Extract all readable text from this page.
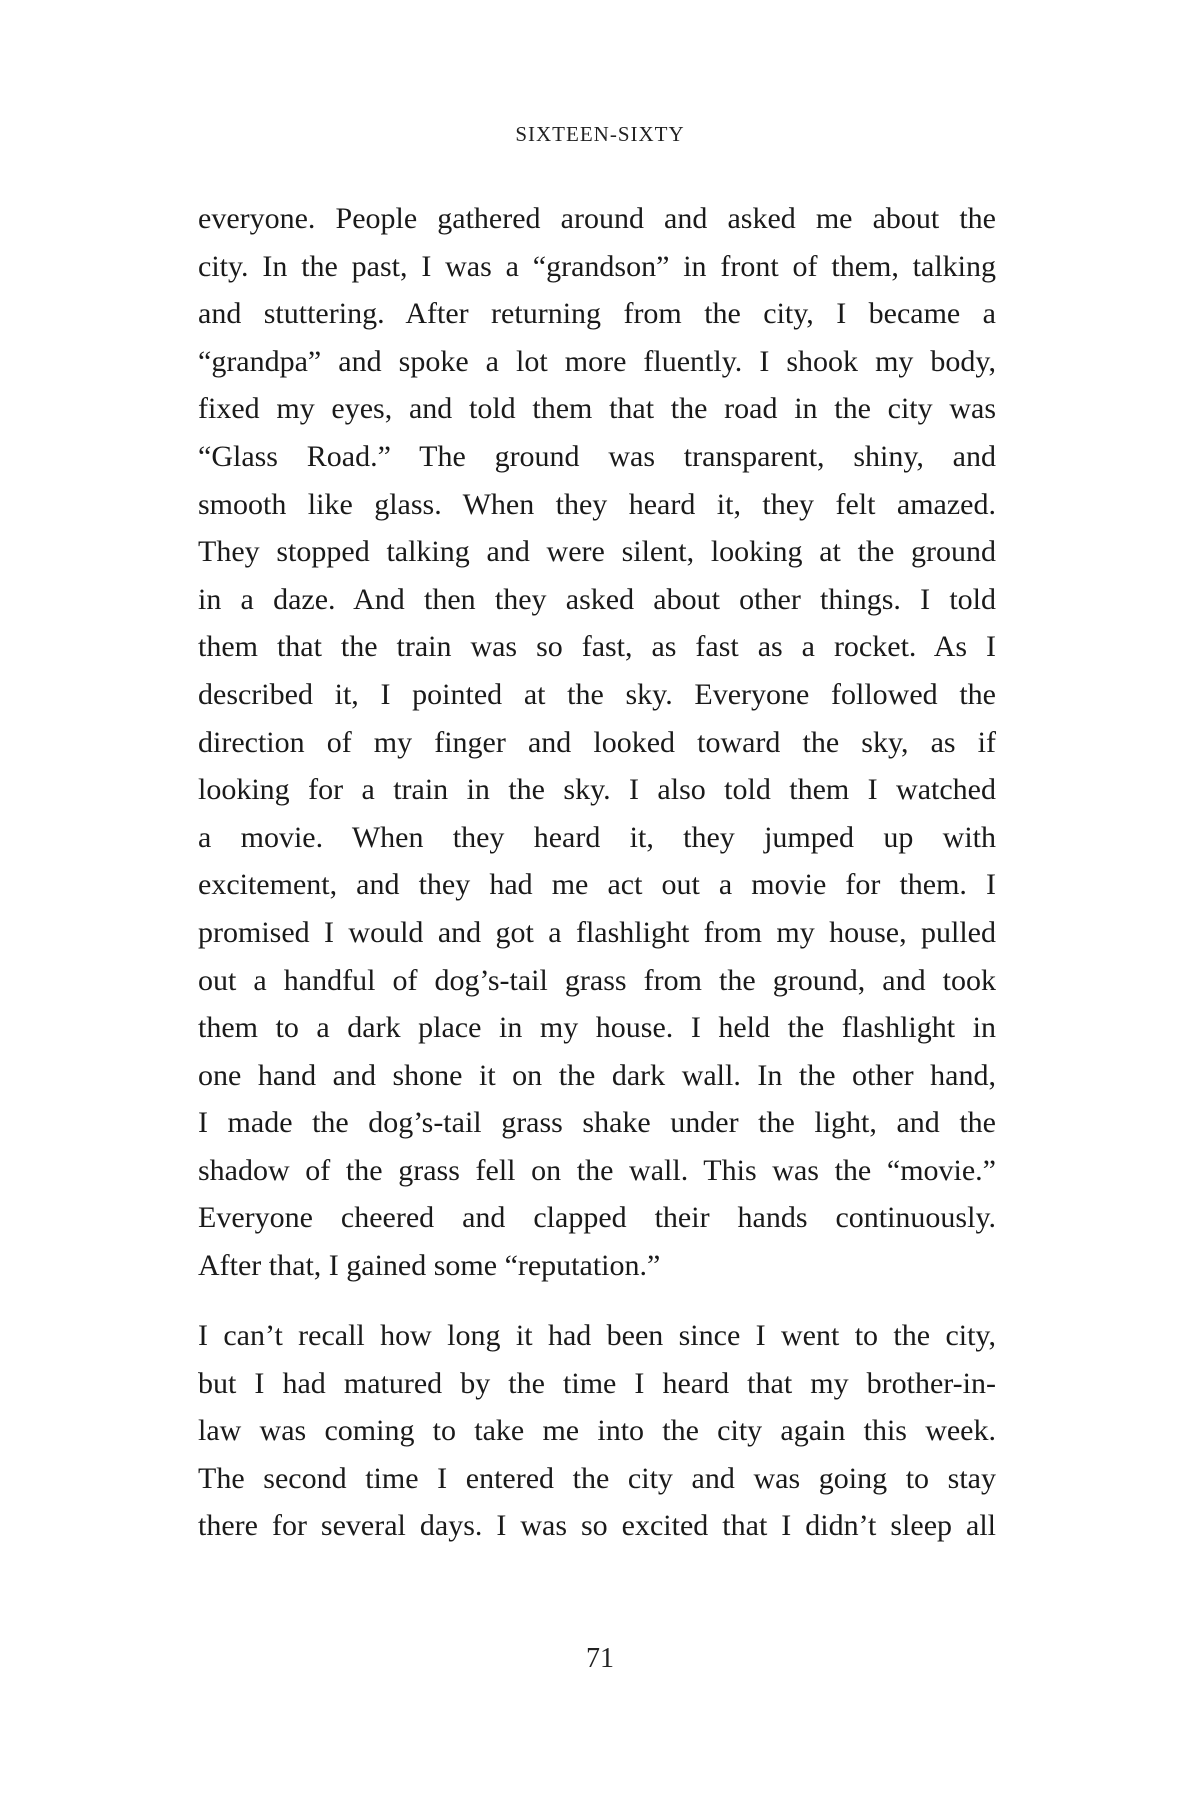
SIXTEEN-SIXTY
everyone. People gathered around and asked me about the
city. In the past, I was a “grandson” in front of them, talking
and stuttering. After returning from the city, I became a
“grandpa” and spoke a lot more fluently. I shook my body,
fixed my eyes, and told them that the road in the city was
“Glass Road.” The ground was transparent, shiny, and
smooth like glass. When they heard it, they felt amazed.
They stopped talking and were silent, looking at the ground
in a daze. And then they asked about other things. I told
them that the train was so fast, as fast as a rocket. As I
described it, I pointed at the sky. Everyone followed the
direction of my finger and looked toward the sky, as if
looking for a train in the sky. I also told them I watched
a movie. When they heard it, they jumped up with
excitement, and they had me act out a movie for them. I
promised I would and got a flashlight from my house, pulled
out a handful of dog’s-tail grass from the ground, and took
them to a dark place in my house. I held the flashlight in
one hand and shone it on the dark wall. In the other hand,
I made the dog’s-tail grass shake under the light, and the
shadow of the grass fell on the wall. This was the “movie.”
Everyone cheered and clapped their hands continuously.
After that, I gained some “reputation.”
I can’t recall how long it had been since I went to the city,
but I had matured by the time I heard that my brother-in-
law was coming to take me into the city again this week.
The second time I entered the city and was going to stay
there for several days. I was so excited that I didn’t sleep all
71
